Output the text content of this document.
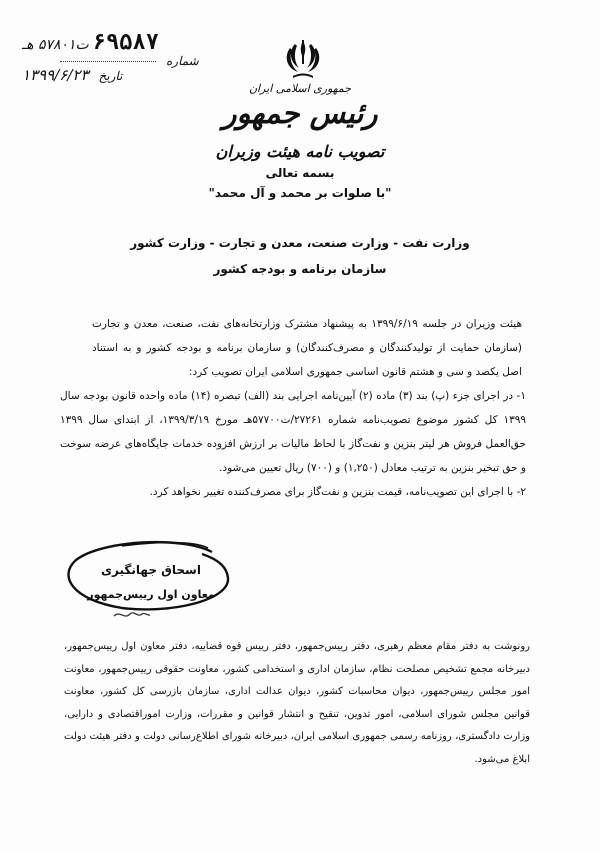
۶۹۵۸۷ ت۵۷۸۰۱ هـ
شماره
تاریخ ۱۳۹۹/۶/۲۳
جمهوری اسلامی ایران
رئیس جمهور
تصویب نامه هیئت وزیران
بسمه تعالی
"با صلوات بر محمد و آل محمد"
وزارت نفت - وزارت صنعت، معدن و تجارت - وزارت کشور
سازمان برنامه و بودجه کشور
هیئت وزیران در جلسه ۱۳۹۹/۶/۱۹ به پیشنهاد مشترک وزارتخانه‌های نفت، صنعت، معدن و تجارت (سازمان حمایت از تولیدکنندگان و مصرف‌کنندگان) و سازمان برنامه و بودجه کشور و به استناد اصل یکصد و سی و هشتم قانون اساسی جمهوری اسلامی ایران تصویب کرد:
۱- در اجرای جزء (پ) بند (۳) ماده (۲) آیین‌نامه اجرایی بند (الف) تبصره (۱۴) ماده واحده قانون بودجه سال ۱۳۹۹ کل کشور موضوع تصویب‌نامه شماره ۲۷۲۶۱/ت۵۷۷۰۰هـ مورخ ۱۳۹۹/۳/۱۹، از ابتدای سال ۱۳۹۹ حق‌العمل فروش هر لیتر بنزین و نفت‌گاز با لحاظ مالیات بر ارزش افزوده خدمات جایگاه‌های عرضه سوخت و حق تبخیر بنزین به ترتیب معادل (۱,۲۵۰) و (۷۰۰) ریال تعیین می‌شود.
۲- با اجرای این تصویب‌نامه، قیمت بنزین و نفت‌گاز برای مصرف‌کننده تغییر نخواهد کرد.
اسحاق جهانگیری
معاون اول رییس‌جمهور
رونوشت به دفتر مقام معظم رهبری، دفتر رییس‌جمهور، دفتر رییس قوه قضاییه، دفتر معاون اول رییس‌جمهور، دبیرخانه مجمع تشخیص مصلحت نظام، سازمان اداری و استخدامی کشور، معاونت حقوقی رییس‌جمهور، معاونت امور مجلس رییس‌جمهور، دیوان محاسبات کشور، دیوان عدالت اداری، سازمان بازرسی کل کشور، معاونت قوانین مجلس شورای اسلامی، امور تدوین، تنقیح و انتشار قوانین و مقررات، وزارت اموراقتصادی و دارایی، وزارت دادگستری، روزنامه رسمی جمهوری اسلامی ایران، دبیرخانه شورای اطلاع‌رسانی دولت و دفتر هیئت دولت ابلاغ می‌شود.
